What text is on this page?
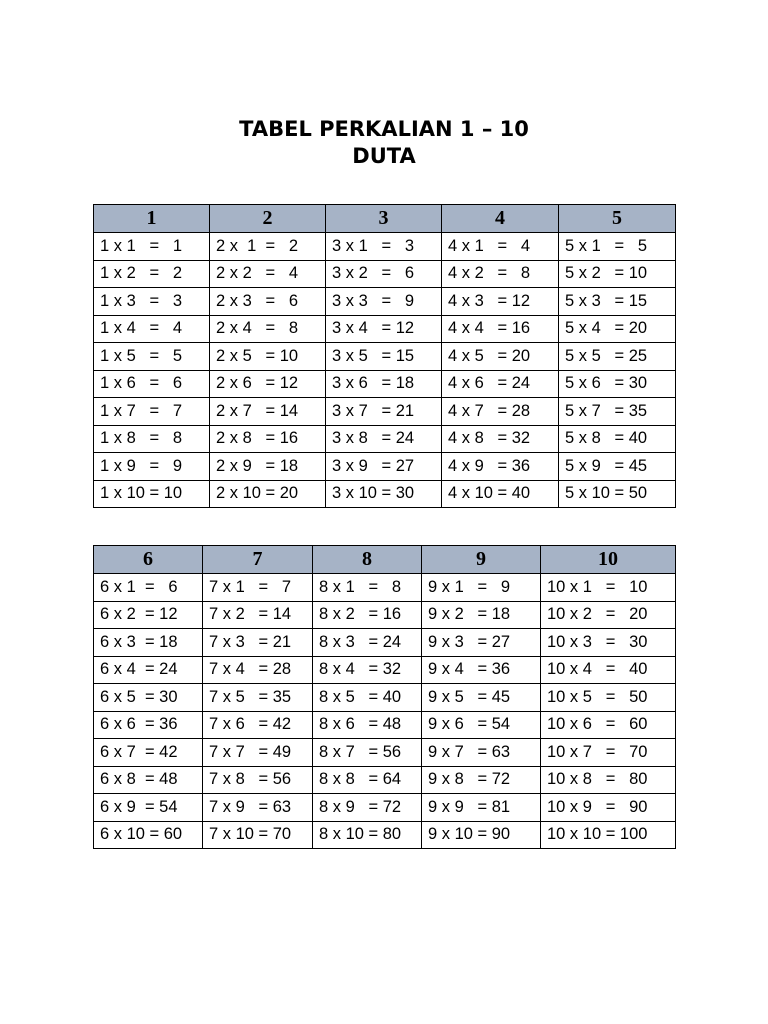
TABEL PERKALIAN 1 – 10
DUTA
1	2	3	4	5
1 x 1   =   1	2 x  1  =   2	3 x 1   =   3	4 x 1   =   4	5 x 1   =   5
1 x 2   =   2	2 x 2   =   4	3 x 2   =   6	4 x 2   =   8	5 x 2   = 10
1 x 3   =   3	2 x 3   =   6	3 x 3   =   9	4 x 3   = 12	5 x 3   = 15
1 x 4   =   4	2 x 4   =   8	3 x 4   = 12	4 x 4   = 16	5 x 4   = 20
1 x 5   =   5	2 x 5   = 10	3 x 5   = 15	4 x 5   = 20	5 x 5   = 25
1 x 6   =   6	2 x 6   = 12	3 x 6   = 18	4 x 6   = 24	5 x 6   = 30
1 x 7   =   7	2 x 7   = 14	3 x 7   = 21	4 x 7   = 28	5 x 7   = 35
1 x 8   =   8	2 x 8   = 16	3 x 8   = 24	4 x 8   = 32	5 x 8   = 40
1 x 9   =   9	2 x 9   = 18	3 x 9   = 27	4 x 9   = 36	5 x 9   = 45
1 x 10 = 10	2 x 10 = 20	3 x 10 = 30	4 x 10 = 40	5 x 10 = 50
6	7	8	9	10
6 x 1  =   6	7 x 1   =   7	8 x 1   =   8	9 x 1   =   9	10 x 1   =   10
6 x 2  = 12	7 x 2   = 14	8 x 2   = 16	9 x 2   = 18	10 x 2   =   20
6 x 3  = 18	7 x 3   = 21	8 x 3   = 24	9 x 3   = 27	10 x 3   =   30
6 x 4  = 24	7 x 4   = 28	8 x 4   = 32	9 x 4   = 36	10 x 4   =   40
6 x 5  = 30	7 x 5   = 35	8 x 5   = 40	9 x 5   = 45	10 x 5   =   50
6 x 6  = 36	7 x 6   = 42	8 x 6   = 48	9 x 6   = 54	10 x 6   =   60
6 x 7  = 42	7 x 7   = 49	8 x 7   = 56	9 x 7   = 63	10 x 7   =   70
6 x 8  = 48	7 x 8   = 56	8 x 8   = 64	9 x 8   = 72	10 x 8   =   80
6 x 9  = 54	7 x 9   = 63	8 x 9   = 72	9 x 9   = 81	10 x 9   =   90
6 x 10 = 60	7 x 10 = 70	8 x 10 = 80	9 x 10 = 90	10 x 10 = 100
